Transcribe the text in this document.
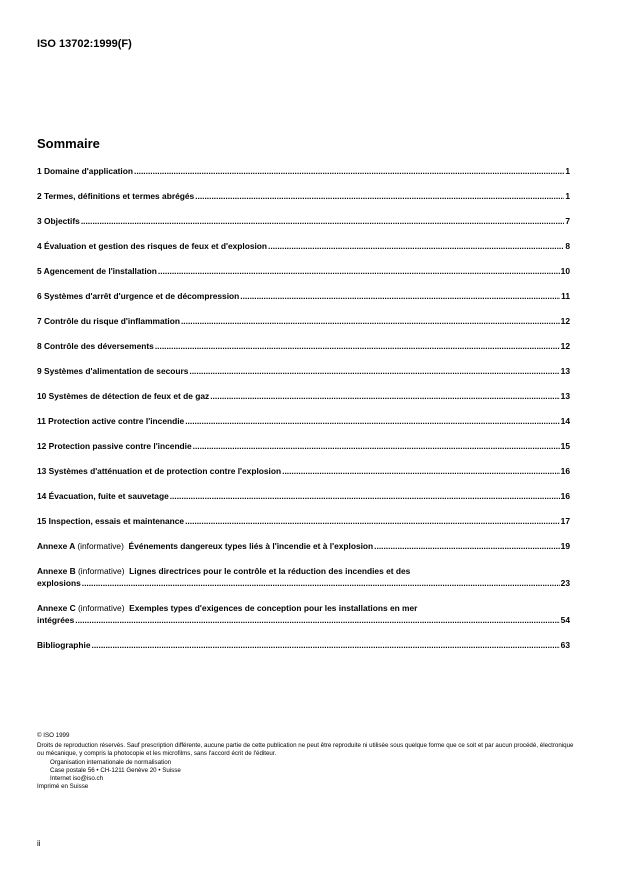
ISO 13702:1999(F)
Sommaire
1 Domaine d'application .....	1
2 Termes, définitions et termes abrégés .....	1
3 Objectifs .....	7
4 Évaluation et gestion des risques de feux et d'explosion .....	8
5 Agencement de l'installation .....	10
6 Systèmes d'arrêt d'urgence et de décompression .....	11
7 Contrôle du risque d'inflammation .....	12
8 Contrôle des déversements .....	12
9 Systèmes d'alimentation de secours .....	13
10 Systèmes de détection de feux et de gaz .....	13
11 Protection active contre l'incendie .....	14
12 Protection passive contre l'incendie .....	15
13 Systèmes d'atténuation et de protection contre l'explosion .....	16
14 Évacuation, fuite et sauvetage .....	16
15 Inspection, essais et maintenance .....	17
Annexe A (informative) Événements dangereux types liés à l'incendie et à l'explosion .....	19
Annexe B (informative) Lignes directrices pour le contrôle et la réduction des incendies et des
explosions .....	23
Annexe C (informative) Exemples types d'exigences de conception pour les installations en mer
intégrées .....	54
Bibliographie .....	63
© ISO 1999
Droits de reproduction réservés. Sauf prescription différente, aucune partie de cette publication ne peut être reproduite ni utilisée sous quelque forme que ce soit et par aucun procédé, électronique ou mécanique, y compris la photocopie et les microfilms, sans l'accord écrit de l'éditeur.
Organisation internationale de normalisation
Case postale 56 • CH-1211 Genève 20 • Suisse
Internet iso@iso.ch
Imprimé en Suisse
ii
